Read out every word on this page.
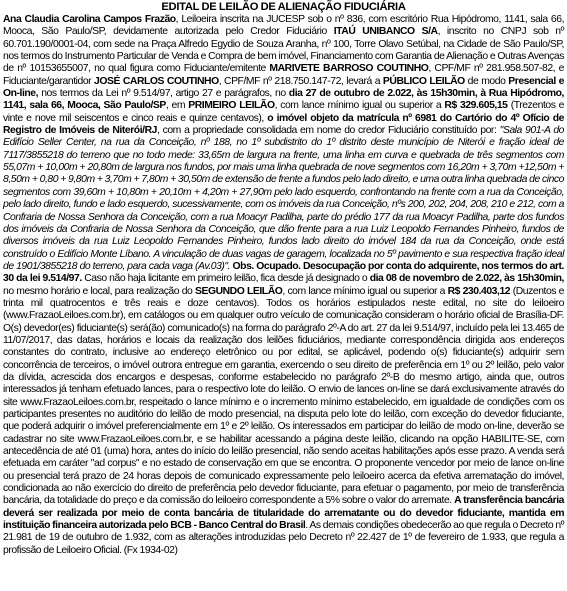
EDITAL DE LEILÃO DE ALIENAÇÃO FIDUCIÁRIA

Ana Claudia Carolina Campos Frazão, Leiloeira inscrita na JUCESP sob o nº 836, com escritório Rua Hipódromo, 1141, sala 66, Mooca, São Paulo/SP, devidamente autorizada pelo Credor Fiduciário ITAÚ UNIBANCO S/A, inscrito no CNPJ sob nº 60.701.190/0001-04, com sede na Praça Alfredo Egydio de Souza Aranha, nº 100, Torre Olavo Setúbal, na Cidade de São Paulo/SP, nos termos do Instrumento Particular de Venda e Compra de bem imóvel, Financiamento com Garantia de Alienação e Outras Avenças de nº 10153655007, no qual figura como Fiduciante/emitente MARIVETE BARROSO COUTINHO, CPF/MF nº 281.958.507-82, e Fiduciante/garantidor JOSÉ CARLOS COUTINHO, CPF/MF nº 218.750.147-72, levará a PÚBLICO LEILÃO de modo Presencial e On-line, nos termos da Lei nº 9.514/97, artigo 27 e parágrafos, no dia 27 de outubro de 2.022, às 15h30min, à Rua Hipódromo, 1141, sala 66, Mooca, São Paulo/SP, em PRIMEIRO LEILÃO, com lance mínimo igual ou superior a R$ 329.605,15 (Trezentos e vinte e nove mil seiscentos e cinco reais e quinze centavos), o imóvel objeto da matrícula nº 6981 do Cartório do 4º Ofício de Registro de Imóveis de Niterói/RJ, com a propriedade consolidada em nome do credor Fiduciário constituído por: "Sala 901-A do Edifício Seller Center, na rua da Conceição, nº 188, no 1º subdistrito do 1º distrito deste município de Niterói e fração ideal de 7117/3855218 do terreno que no todo mede: 33,65m de largura na frente, uma linha em curva e quebrada de três segmentos com 55,07m + 10,00m + 20,80m de largura nos fundos, por mais uma linha quebrada de nove segmentos com 16,20m + 3,70m +12,50m + 8,50m + 0,80 + 9,80m + 3,70m + 7,80m + 30,50m de extensão de frente a fundos pelo lado direito, e uma outra linha quebrada de cinco segmentos com 39,60m + 10,80m + 20,10m + 4,20m + 27,90m pelo lado esquerdo, confrontando na frente com a rua da Conceição, pelo lado direito, fundo e lado esquerdo, sucessivamente, com os imóveis da rua Conceição, nºs 200, 202, 204, 208, 210 e 212, com a Confraria de Nossa Senhora da Conceição, com a rua Moacyr Padilha, parte do prédio 177 da rua Moacyr Padilha, parte dos fundos dos imóveis da Confraria de Nossa Senhora da Conceição, que dão frente para a rua Luiz Leopoldo Fernandes Pinheiro, fundos de diversos imóveis da rua Luiz Leopoldo Fernandes Pinheiro, fundos lado direito do imóvel 184 da rua da Conceição, onde está construído o Edifício Monte Líbano. A vinculação de duas vagas de garagem, localizada no 5º pavimento e sua respectiva fração ideal de 1901/3855218 do terreno, para cada vaga (Av.03)". Obs. Ocupado. Desocupação por conta do adquirente, nos termos do art. 30 da lei 9.514/97. Caso não haja licitante em primeiro leilão, fica desde já designado o dia 08 de novembro de 2.022, às 15h30min, no mesmo horário e local, para realização do SEGUNDO LEILÃO, com lance mínimo igual ou superior a R$ 230.403,12 (Duzentos e trinta mil quatrocentos e três reais e doze centavos). Todos os horários estipulados neste edital, no site do leiloeiro (www.FrazaoLeiloes.com.br), em catálogos ou em qualquer outro veículo de comunicação consideram o horário oficial de Brasília-DF. O(s) devedor(es) fiduciante(s) será(ão) comunicado(s) na forma do parágrafo 2º-A do art. 27 da lei 9.514/97, incluído pela lei 13.465 de 11/07/2017, das datas, horários e locais da realização dos leilões fiduciários, mediante correspondência dirigida aos endereços constantes do contrato, inclusive ao endereço eletrônico ou por edital, se aplicável, podendo o(s) fiduciante(s) adquirir sem concorrência de terceiros, o imóvel outrora entregue em garantia, exercendo o seu direito de preferência em 1º ou 2º leilão, pelo valor da dívida, acrescida dos encargos e despesas, conforme estabelecido no parágrafo 2º-B do mesmo artigo, ainda que, outros interessados já tenham efetuado lances, para o respectivo lote do leilão. O envio de lances on-line se dará exclusivamente através do site www.FrazaoLeiloes.com.br, respeitado o lance mínimo e o incremento mínimo estabelecido, em igualdade de condições com os participantes presentes no auditório do leilão de modo presencial, na disputa pelo lote do leilão, com exceção do devedor fiduciante, que poderá adquirir o imóvel preferencialmente em 1º e 2º leilão. Os interessados em participar do leilão de modo on-line, deverão se cadastrar no site www.FrazaoLeiloes.com.br, e se habilitar acessando a página deste leilão, clicando na opção HABILITE-SE, com antecedência de até 01 (uma) hora, antes do início do leilão presencial, não sendo aceitas habilitações após esse prazo. A venda será efetuada em caráter "ad corpus" e no estado de conservação em que se encontra. O proponente vencedor por meio de lance on-line ou presencial terá prazo de 24 horas depois de comunicado expressamente pelo leiloeiro acerca da efetiva arrematação do imóvel, condicionada ao não exercício do direito de preferência pelo devedor fiduciante, para efetuar o pagamento, por meio de transferência bancária, da totalidade do preço e da comissão do leiloeiro correspondente a 5% sobre o valor do arremate. A transferência bancária deverá ser realizada por meio de conta bancária de titularidade do arrematante ou do devedor fiduciante, mantida em instituição financeira autorizada pelo BCB - Banco Central do Brasil. As demais condições obedecerão ao que regula o Decreto nº 21.981 de 19 de outubro de 1.932, com as alterações introduzidas pelo Decreto nº 22.427 de 1º de fevereiro de 1.933, que regula a profissão de Leiloeiro Oficial. (Fx 1934-02)
